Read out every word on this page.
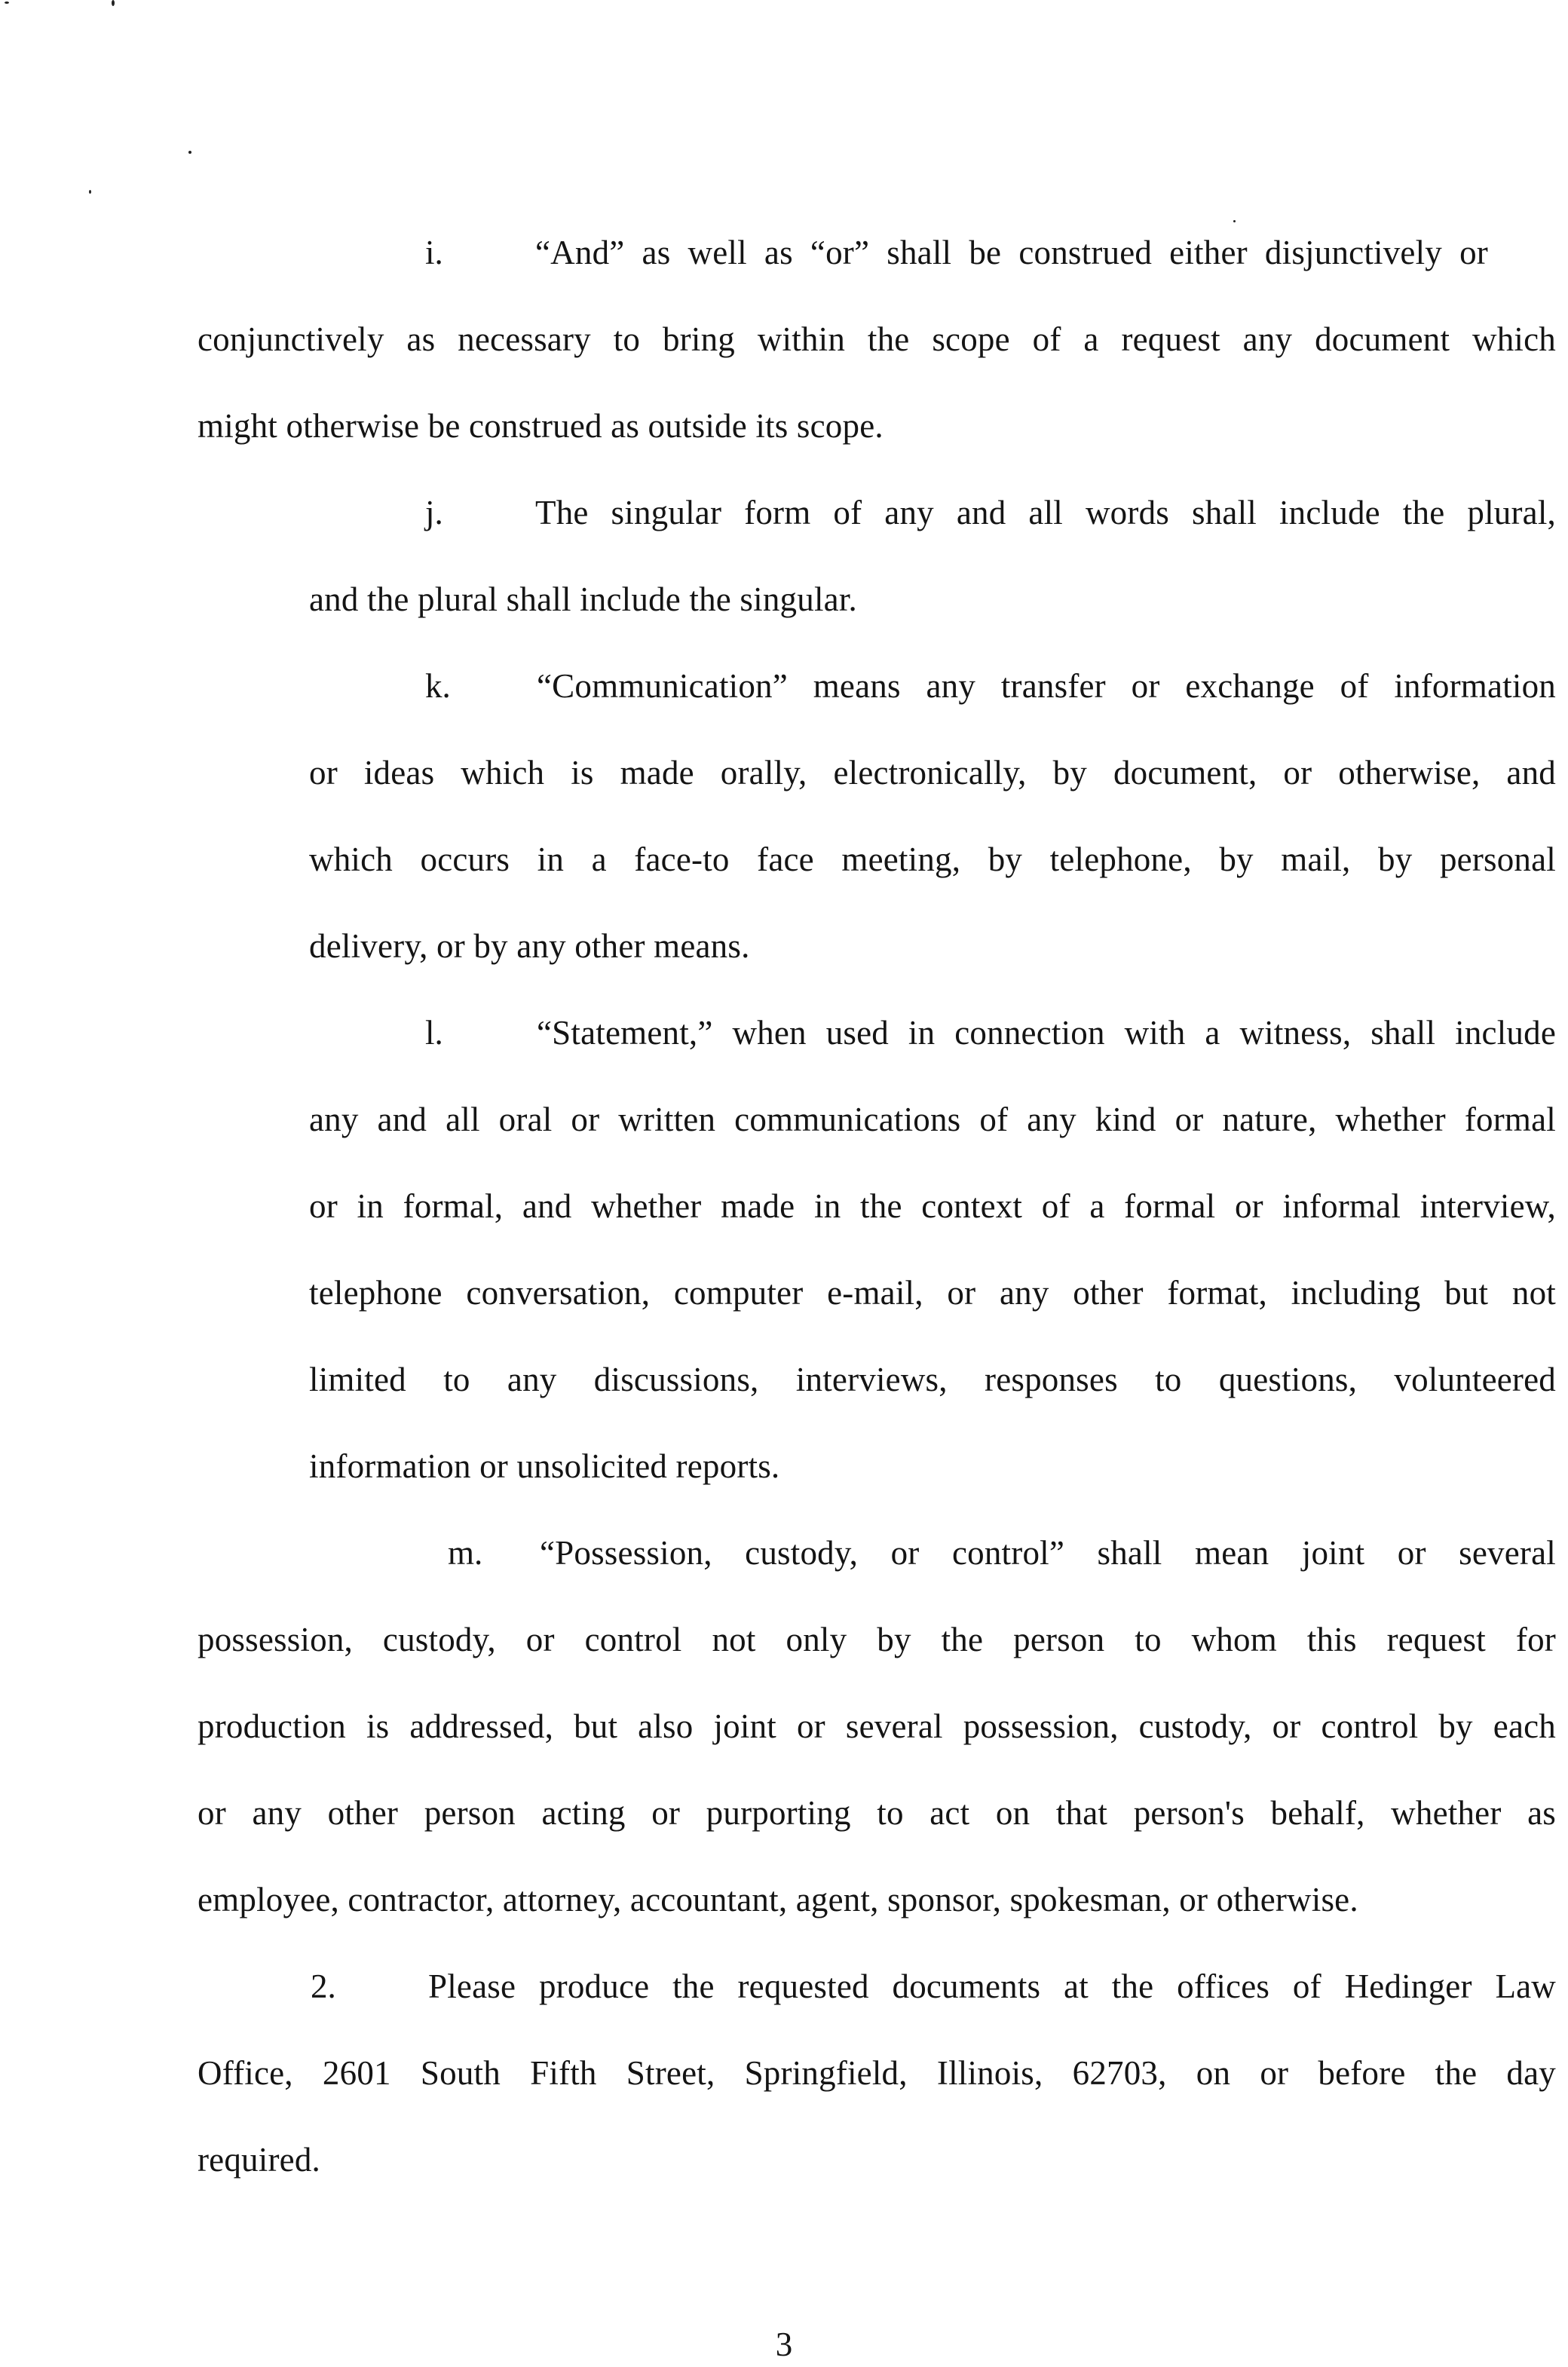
i.	“And” as well as “or” shall be construed either disjunctively or
conjunctively as necessary to bring within the scope of a request any document which
might otherwise be construed as outside its scope.
j.	The singular form of any and all words shall include the plural,
and the plural shall include the singular.
k.	“Communication” means any transfer or exchange of information
or ideas which is made orally, electronically, by document, or otherwise, and
which occurs in a face-to face meeting, by telephone, by mail, by personal
delivery, or by any other means.
l.	“Statement,” when used in connection with a witness, shall include
any and all oral or written communications of any kind or nature, whether formal
or in formal, and whether made in the context of a formal or informal interview,
telephone conversation, computer e-mail, or any other format, including but not
limited to any discussions, interviews, responses to questions, volunteered
information or unsolicited reports.
m. “Possession, custody, or control” shall mean joint or several
possession, custody, or control not only by the person to whom this request for
production is addressed, but also joint or several possession, custody, or control by each
or any other person acting or purporting to act on that person's behalf, whether as
employee, contractor, attorney, accountant, agent, sponsor, spokesman, or otherwise.
2.	Please produce the requested documents at the offices of Hedinger Law
Office, 2601 South Fifth Street, Springfield, Illinois, 62703, on or before the day
required.
3
